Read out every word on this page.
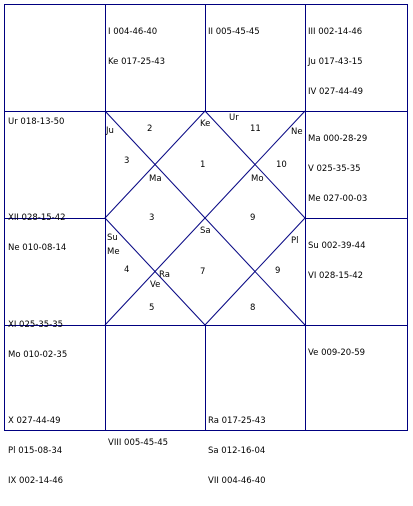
I 004-46-40

Ke 017-25-43

II 005-45-45

	III 002-14-46

Ju 017-43-15

IV 027-44-49

Ur 018-13-50

Ma 000-28-29

V 025-35-35

Me 027-00-03

XII 028-15-42

Ne 010-08-14

	Su 002-39-44

VI 028-15-42

XI 025-35-35

Mo 010-02-35

	Ve 009-20-59

X 027-44-49

Pl 015-08-34

IX 002-14-46

VIII 005-45-45

Ra 017-25-43

Sa 012-16-04

VII 004-46-40

2
3	1
11
10
3	9
4	7	9
5	8
Ju
Ke
Ur
Ne
Ma	Mo
Sa
Su
Me
Pl
Ra
Ve
